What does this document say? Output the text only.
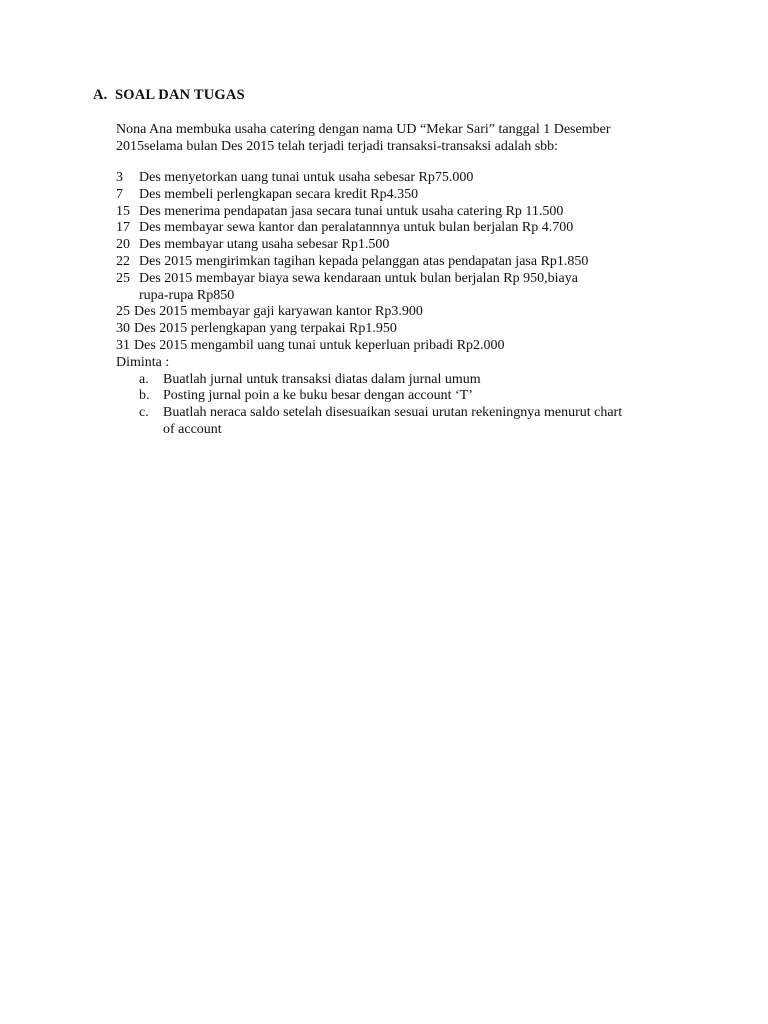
A. SOAL DAN TUGAS
Nona Ana membuka usaha catering dengan nama UD “Mekar Sari” tanggal 1 Desember
2015selama bulan Des 2015 telah terjadi terjadi transaksi-transaksi adalah sbb:
3 Des menyetorkan uang tunai untuk usaha sebesar Rp75.000
7 Des membeli perlengkapan secara kredit Rp4.350
15 Des menerima pendapatan jasa secara tunai untuk usaha catering Rp 11.500
17 Des membayar sewa kantor dan peralatannnya untuk bulan berjalan Rp 4.700
20 Des membayar utang usaha sebesar Rp1.500
22 Des 2015 mengirimkan tagihan kepada pelanggan atas pendapatan jasa Rp1.850
25 Des 2015 membayar biaya sewa kendaraan untuk bulan berjalan Rp 950,biaya
rupa-rupa Rp850
25 Des 2015 membayar gaji karyawan kantor Rp3.900
30 Des 2015 perlengkapan yang terpakai Rp1.950
31 Des 2015 mengambil uang tunai untuk keperluan pribadi Rp2.000
Diminta :
a. Buatlah jurnal untuk transaksi diatas dalam jurnal umum
b. Posting jurnal poin a ke buku besar dengan account ‘T’
c. Buatlah neraca saldo setelah disesuaikan sesuai urutan rekeningnya menurut chart
of account
